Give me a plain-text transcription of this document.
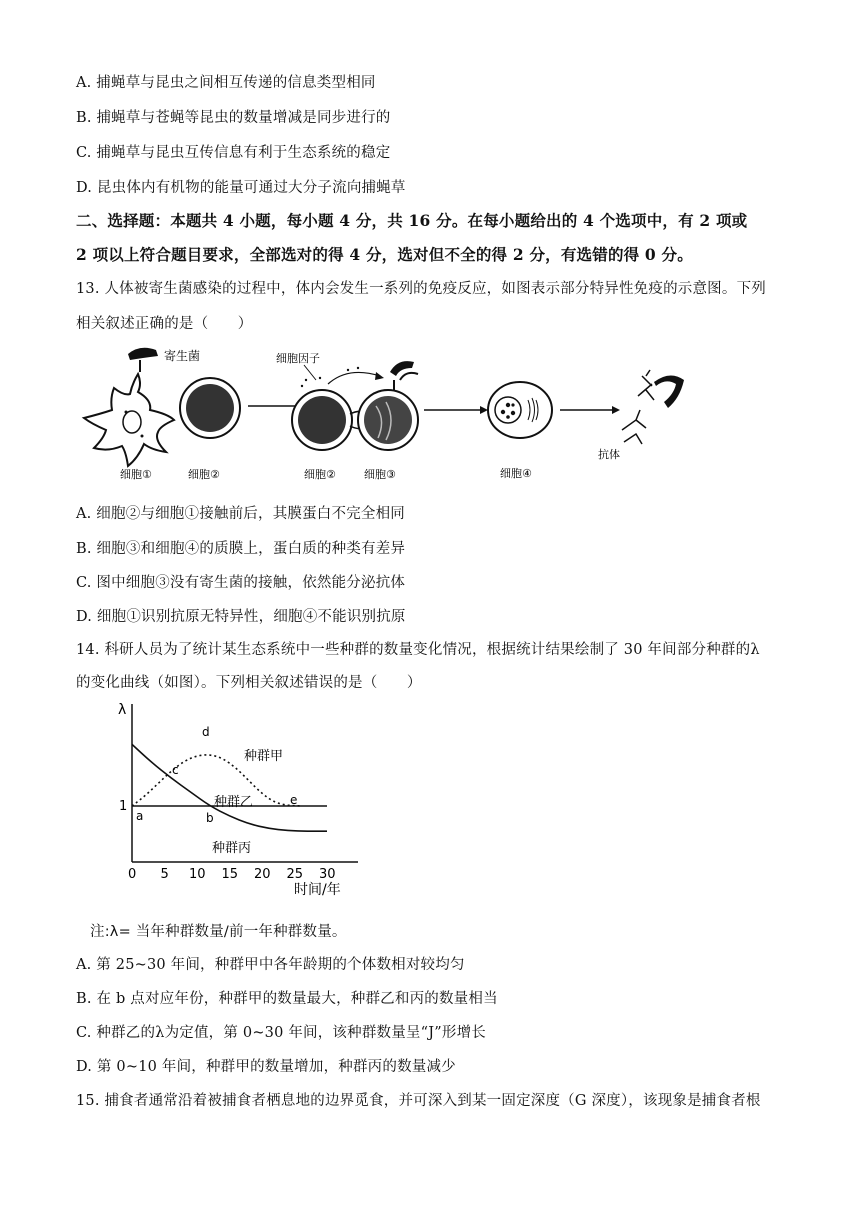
A. 捕蝇草与昆虫之间相互传递的信息类型相同
B. 捕蝇草与苍蝇等昆虫的数量增减是同步进行的
C. 捕蝇草与昆虫互传信息有利于生态系统的稳定
D. 昆虫体内有机物的能量可通过大分子流向捕蝇草
二、选择题：本题共 4 小题，每小题 4 分，共 16 分。在每小题给出的 4 个选项中，有 2 项或
2 项以上符合题目要求，全部选对的得 4 分，选对但不全的得 2 分，有选错的得 0 分。
13. 人体被寄生菌感染的过程中，体内会发生一系列的免疫反应，如图表示部分特异性免疫的示意图。下列
相关叙述正确的是（　　）
寄生菌	细胞因子
抗体
细胞①	细胞②	细胞②	细胞③	细胞④
A. 细胞②与细胞①接触前后，其膜蛋白不完全相同
B. 细胞③和细胞④的质膜上，蛋白质的种类有差异
C. 图中细胞③没有寄生菌的接触，依然能分泌抗体
D. 细胞①识别抗原无特异性，细胞④不能识别抗原
14. 科研人员为了统计某生态系统中一些种群的数量变化情况，根据统计结果绘制了 30 年间部分种群的λ
的变化曲线（如图）。下列相关叙述错误的是（　　）
λ
时间/年
1
0 5 10 15 20 25 30
种群甲
种群乙
种群丙
a	b
c
d
e
注:λ= 当年种群数量/前一年种群数量。
A. 第 25~30 年间，种群甲中各年龄期的个体数相对较均匀
B. 在 b 点对应年份，种群甲的数量最大，种群乙和丙的数量相当
C. 种群乙的λ为定值，第 0~30 年间，该种群数量呈“J”形增长
D. 第 0~10 年间，种群甲的数量增加，种群丙的数量减少
15. 捕食者通常沿着被捕食者栖息地的边界觅食，并可深入到某一固定深度（G 深度），该现象是捕食者根
